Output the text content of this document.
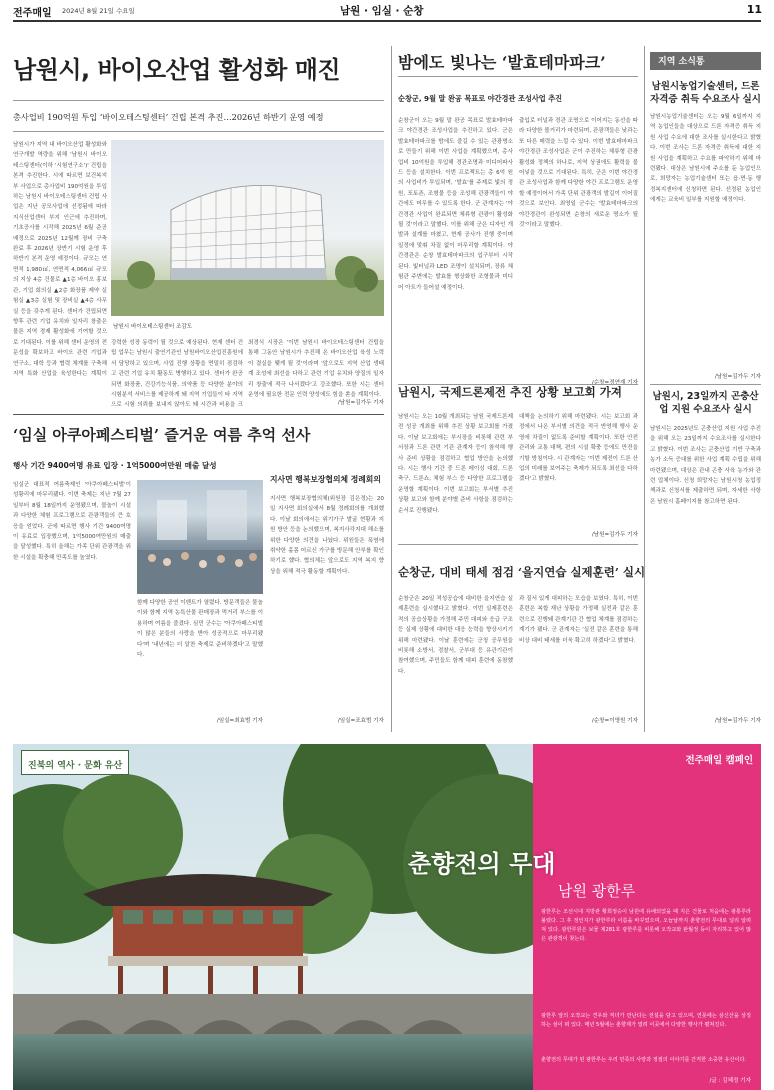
전주매일 2024년 8월 21일 수요일	남원 · 임실 · 순창	11
남원시, 바이오산업 활성화 매진
총사업비 190억원 투입 ‘바이오테스팅센터’ 건립 본격 추진…2026년 하반기 운영 예정
남원시가 지역 내 바이오산업 활성화와 연구개발 역량을 위해 '남원시 바이오테스팅센터(이하 '시험연구소')' 건립을 본격 추진한다. 시에 따르면 보건복지부 사업으로 총사업비 190억원을 투입하는 남원시 바이오테스팅센터 건립 사업은 지난 공모사업에 선정됨에 따라 지식산업센터 부지 인근에 추진하며, 기초공사를 시작해 2025년 6월 준공 예정으로 2025년 12월께 장비 구축 완료 후 2026년 상반기 시험 운영 후 하반기 본격 운영 예정이다. 규모는 연면적 1,980㎡, 연면적 4,066㎡ 규모의 지상 4층 건물로 ▲1층 바이오 홍보관, 기업 회의실 ▲2층 화장품 제약 실험실 ▲3층 실험 및 장비실 ▲4층 사무실 등을 갖추게 된다. 센터가 건립되면 향후 관련 기업 유치와 일자리 창출은 물론 지역 경제 활성화에 기여할 것으로 기대된다. 이를 위해 센터 운영의 전문성을 확보하고 바이오 관련 기업과 연구소, 대학 등과 협력 체계를 구축해 지역 특화 산업을 육성한다는 계획이
남원시 바이오테스팅센터 조감도
강력한 성장 동력이 될 것으로 예상된다. 현재 센터 건립 업무는 남원시 출연기관인 남원바이오산업진흥원에서 담당하고 있으며, 사업 진행 상황을 면밀히 점검하고 관련 기업 유치 활동도 병행하고 있다. 센터가 완공되면 화장품, 건강기능식품, 의약품 등 다양한 분야의 시험분석 서비스를 제공하게 돼 지역 기업들이 타 지역으로 시험 의뢰를 보내지 않아도 돼 시간과 비용을 크
최경식 시장은 '이번 남원시 바이오테스팅센터 건립을 통해 그동안 남원시가 추진해 온 바이오산업 육성 노력이 결실을 맺게 될 것'이라며 '앞으로도 지역 산업 생태계 조성에 최선을 다하고 관련 기업 유치와 양질의 일자리 창출에 적극 나서겠다'고 강조했다. 또한 시는 센터 운영에 필요한 전문 인력 양성에도 힘을 쏟을 계획이다.
/남원=김가두 기자
밤에도 빛나는 ‘발효테마파크’
순창군, 9월 말 완공 목표로 야간경관 조성사업 추진
순창군이 오는 9월 말 완공 목표로 발효테마파크 야간경관 조성사업을 추진하고 있다. 군은 발효테마파크를 밤에도 즐길 수 있는 관광명소로 만들기 위해 이번 사업을 계획했으며, 총사업비 10억원을 투입해 경관조명과 미디어파사드 등을 설치한다. 이번 프로젝트는 총 6억 원의 사업비가 투입되며, '발효'를 주제로 빛의 정원, 포토존, 조형물 등을 조성해 관광객들이 야간에도 머무를 수 있도록 한다. 군 관계자는 '야간경관 사업이 완료되면 체류형 관광이 활성화될 것'이라고 말했다. 이를 위해 군은 디자인 개발과 설계를 마쳤고, 현재 공사가 진행 중이며 일정에 맞춰 차질 없이 마무리할 계획이다. 야간경관은 순창 발효테마파크의 입구부터 시작된다. 빛터널과 LED 조명이 설치되며, 장류 체험관 주변에는 발효를 형상화한 조형물과 미디어 아트가 들어설 예정이다.
출입로 터널과 경관 조명으로 이어지는 동선을 따라 다양한 볼거리가 마련되며, 관광객들은 낮과는 또 다른 매력을 느낄 수 있다. 이번 발효테마파크 야간경관 조성사업은 군이 추진하는 체류형 관광 활성화 정책의 하나로, 지역 상권에도 활력을 불어넣을 것으로 기대된다. 특히, 군은 이번 야간경관 조성사업과 함께 다양한 야간 프로그램도 운영할 예정이어서 가족 단위 관광객의 발길이 이어질 것으로 보인다. 최영일 군수는 '발효테마파크의 야간경관이 완성되면 순창의 새로운 명소가 될 것'이라고 말했다.
/순창=정연재 기자
남원시, 국제드론제전 추진 상황 보고회 가져
남원시는 오는 10월 개최되는 남원 국제드론제전 성공 개최를 위해 추진 상황 보고회를 가졌다. 이날 보고회에는 부시장을 비롯해 관련 부서장과 드론 관련 기관 관계자 등이 참석해 행사 준비 상황을 점검하고 협업 방안을 논의했다. 시는 행사 기간 중 드론 레이싱 대회, 드론 축구, 드론쇼, 체험 부스 등 다양한 프로그램을 운영할 계획이다. 이번 보고회는 부서별 추진 상황 보고와 함께 분야별 준비 사항을 점검하는 순서로 진행됐다.
대책을 논의하기 위해 마련됐다. 시는 보고회 과정에서 나온 부서별 의견을 적극 반영해 행사 운영에 차질이 없도록 준비할 계획이다. 또한 안전 관리와 교통 대책, 편의 시설 확충 등에도 만전을 기할 방침이다. 시 관계자는 '이번 제전이 드론 산업의 미래를 보여주는 축제가 되도록 최선을 다하겠다'고 밝혔다.
/남원=김가두 기자
순창군, 대비 태세 점검 ‘을지연습 실제훈련’ 실시
순창군은 20일 적성공습에 대비한 을지연습 실제훈련을 실시했다고 밝혔다. 이번 실제훈련은 적의 공습상황을 가정해 주민 대피와 응급 구조 등 실제 상황에 대비한 대응 능력을 향상시키기 위해 마련됐다. 이날 훈련에는 군청 공무원을 비롯해 소방서, 경찰서, 군부대 등 유관기관이 참여했으며, 주민들도 함께 대피 훈련에 동참했다.
과 질서 있게 대피하는 모습을 보였다. 특히, 이번 훈련은 복합 재난 상황을 가정해 실전과 같은 훈련으로 진행돼 관계기관 간 협업 체계를 점검하는 계기가 됐다. 군 관계자는 '실전 같은 훈련을 통해 비상 대비 태세를 더욱 확고히 하겠다'고 밝혔다.
/순창=이영원 기자
‘임실 아쿠아페스티벌’ 즐거운 여름 추억 선사
행사 기간 9400여명 유료 입장 · 1억5000여만원 매출 달성
임실군 대표적 여름축제인 '아쿠아페스티벌'이 성황리에 마무리됐다. 이번 축제는 지난 7월 27일부터 8월 18일까지 운영됐으며, 물놀이 시설과 다양한 체험 프로그램으로 관광객들의 큰 호응을 얻었다. 군에 따르면 행사 기간 9400여명이 유료로 입장했으며, 1억5000여만원의 매출을 달성했다. 특히 올해는 가족 단위 관광객을 위한 시설을 확충해 만족도를 높였다.
함께 다양한 공연 이벤트가 열렸다. 방문객들은 물놀이와 함께 지역 농특산물 판매장과 먹거리 부스를 이용하며 여름을 즐겼다. 심민 군수는 '아쿠아페스티벌이 많은 분들의 사랑을 받아 성공적으로 마무리됐다'며 '내년에는 더 알찬 축제로 준비하겠다'고 말했다.
/임실=최효범 기자
지사면 행복보장협의체 정례회의
지사면 행복보장협의체(위원장 김은정)는 20일 지사면 회의실에서 8월 정례회의를 개최했다. 이날 회의에서는 위기가구 발굴 현황과 지원 방안 등을 논의했으며, 복지사각지대 해소를 위한 다양한 의견을 나눴다. 위원들은 폭염에 취약한 홀몸 어르신 가구를 방문해 안부를 확인하기로 했다. 협의체는 앞으로도 지역 복지 향상을 위해 적극 활동할 계획이다.
/임실=조효범 기자
지역 소식통
남원시농업기술센터, 드론 자격증 취득 수요조사 실시
남원시농업기술센터는 오는 9월 6일까지 지역 농업인들을 대상으로 드론 자격증 취득 지원 사업 수요에 대한 조사를 실시한다고 밝혔다. 이번 조사는 드론 자격증 취득에 대한 지원 사업을 계획하고 수요를 파악하기 위해 마련됐다. 대상은 남원시에 주소를 둔 농업인으로, 희망자는 농업기술센터 또는 읍·면·동 행정복지센터에 신청하면 된다. 선정된 농업인에게는 교육비 일부를 지원할 예정이다.
/남원=김가두 기자
남원시, 23일까지 곤충산업 지원 수요조사 실시
남원시는 2025년도 곤충산업 지원 사업 추진을 위해 오는 23일까지 수요조사를 실시한다고 밝혔다. 이번 조사는 곤충산업 기반 구축과 농가 소득 증대를 위한 사업 계획 수립을 위해 마련됐으며, 대상은 관내 곤충 사육 농가와 관련 업체이다. 신청 희망자는 남원시청 농업정책과로 신청서를 제출하면 되며, 자세한 사항은 남원시 홈페이지를 참고하면 된다.
/남원=김가두 기자
진북의 역사 · 문화 유산	전주매일 캠페인
춘향전의 무대
남원 광한루
광한루는 조선시대 지방관 황희정승이 남원에 유배되었을 때 지은 건물로 처음에는 광통루라 불렸다. 그 후 정인지가 광한루라 이름을 바꾸었으며, 오늘날까지 춘향전의 무대로 널리 알려져 있다. 광한루원은 보물 제281호 광한루를 비롯해 오작교와 완월정 등이 자리하고 있어 많은 관광객이 찾는다.
광한루 앞의 오작교는 견우와 직녀가 만난다는 전설을 담고 있으며, 연못에는 삼신산을 상징하는 섬이 떠 있다. 매년 5월에는 춘향제가 열려 이곳에서 다양한 행사가 펼쳐진다.
춘향전의 무대가 된 광한루는 우리 민족의 사랑과 정절의 이야기를 간직한 소중한 유산이다.
/글 : 김혜정 기자
